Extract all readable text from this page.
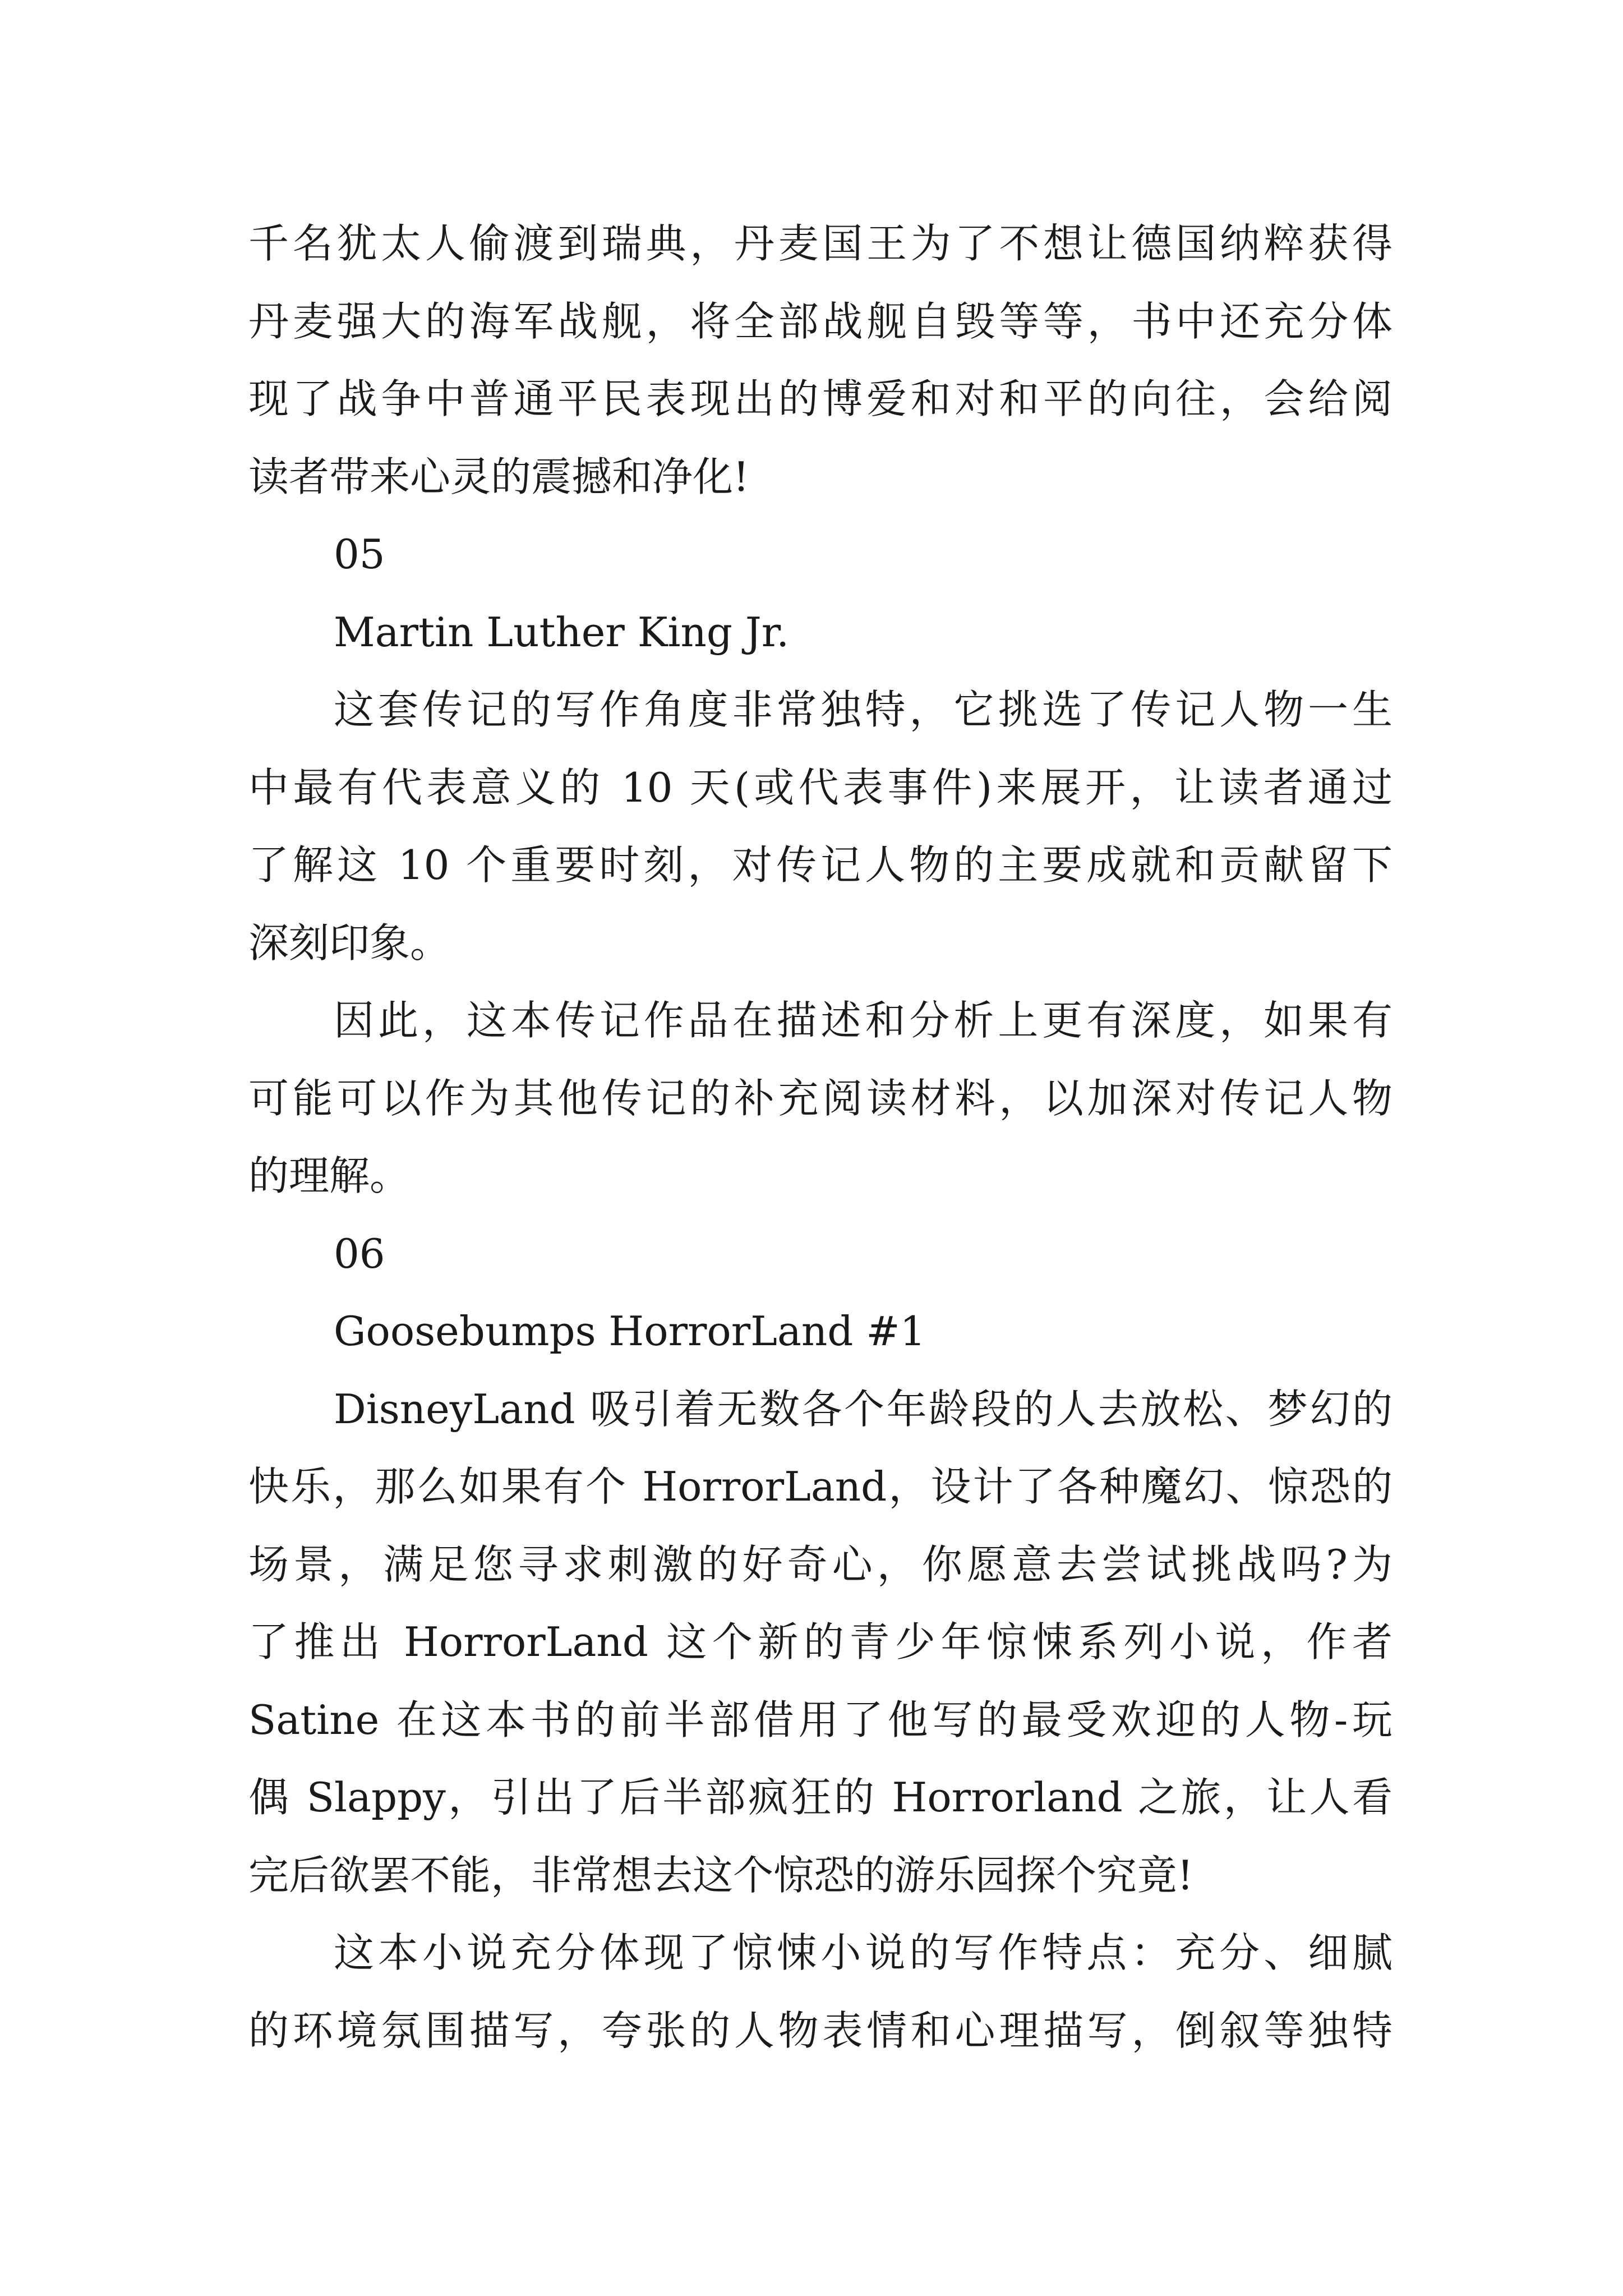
千名犹太人偷渡到瑞典，丹麦国王为了不想让德国纳粹获得
丹麦强大的海军战舰，将全部战舰自毁等等，书中还充分体
现了战争中普通平民表现出的博爱和对和平的向往，会给阅
读者带来心灵的震撼和净化!
05
Martin Luther King Jr.
这套传记的写作角度非常独特，它挑选了传记人物一生
中最有代表意义的 10 天(或代表事件)来展开，让读者通过
了解这 10 个重要时刻，对传记人物的主要成就和贡献留下
深刻印象。
因此，这本传记作品在描述和分析上更有深度，如果有
可能可以作为其他传记的补充阅读材料，以加深对传记人物
的理解。
06
Goosebumps HorrorLand #1
DisneyLand 吸引着无数各个年龄段的人去放松、梦幻的
快乐，那么如果有个 HorrorLand，设计了各种魔幻、惊恐的
场景，满足您寻求刺激的好奇心，你愿意去尝试挑战吗?为
了推出 HorrorLand 这个新的青少年惊悚系列小说，作者
Satine 在这本书的前半部借用了他写的最受欢迎的人物-玩
偶 Slappy，引出了后半部疯狂的 Horrorland 之旅，让人看
完后欲罢不能，非常想去这个惊恐的游乐园探个究竟!
这本小说充分体现了惊悚小说的写作特点：充分、细腻
的环境氛围描写，夸张的人物表情和心理描写，倒叙等独特
